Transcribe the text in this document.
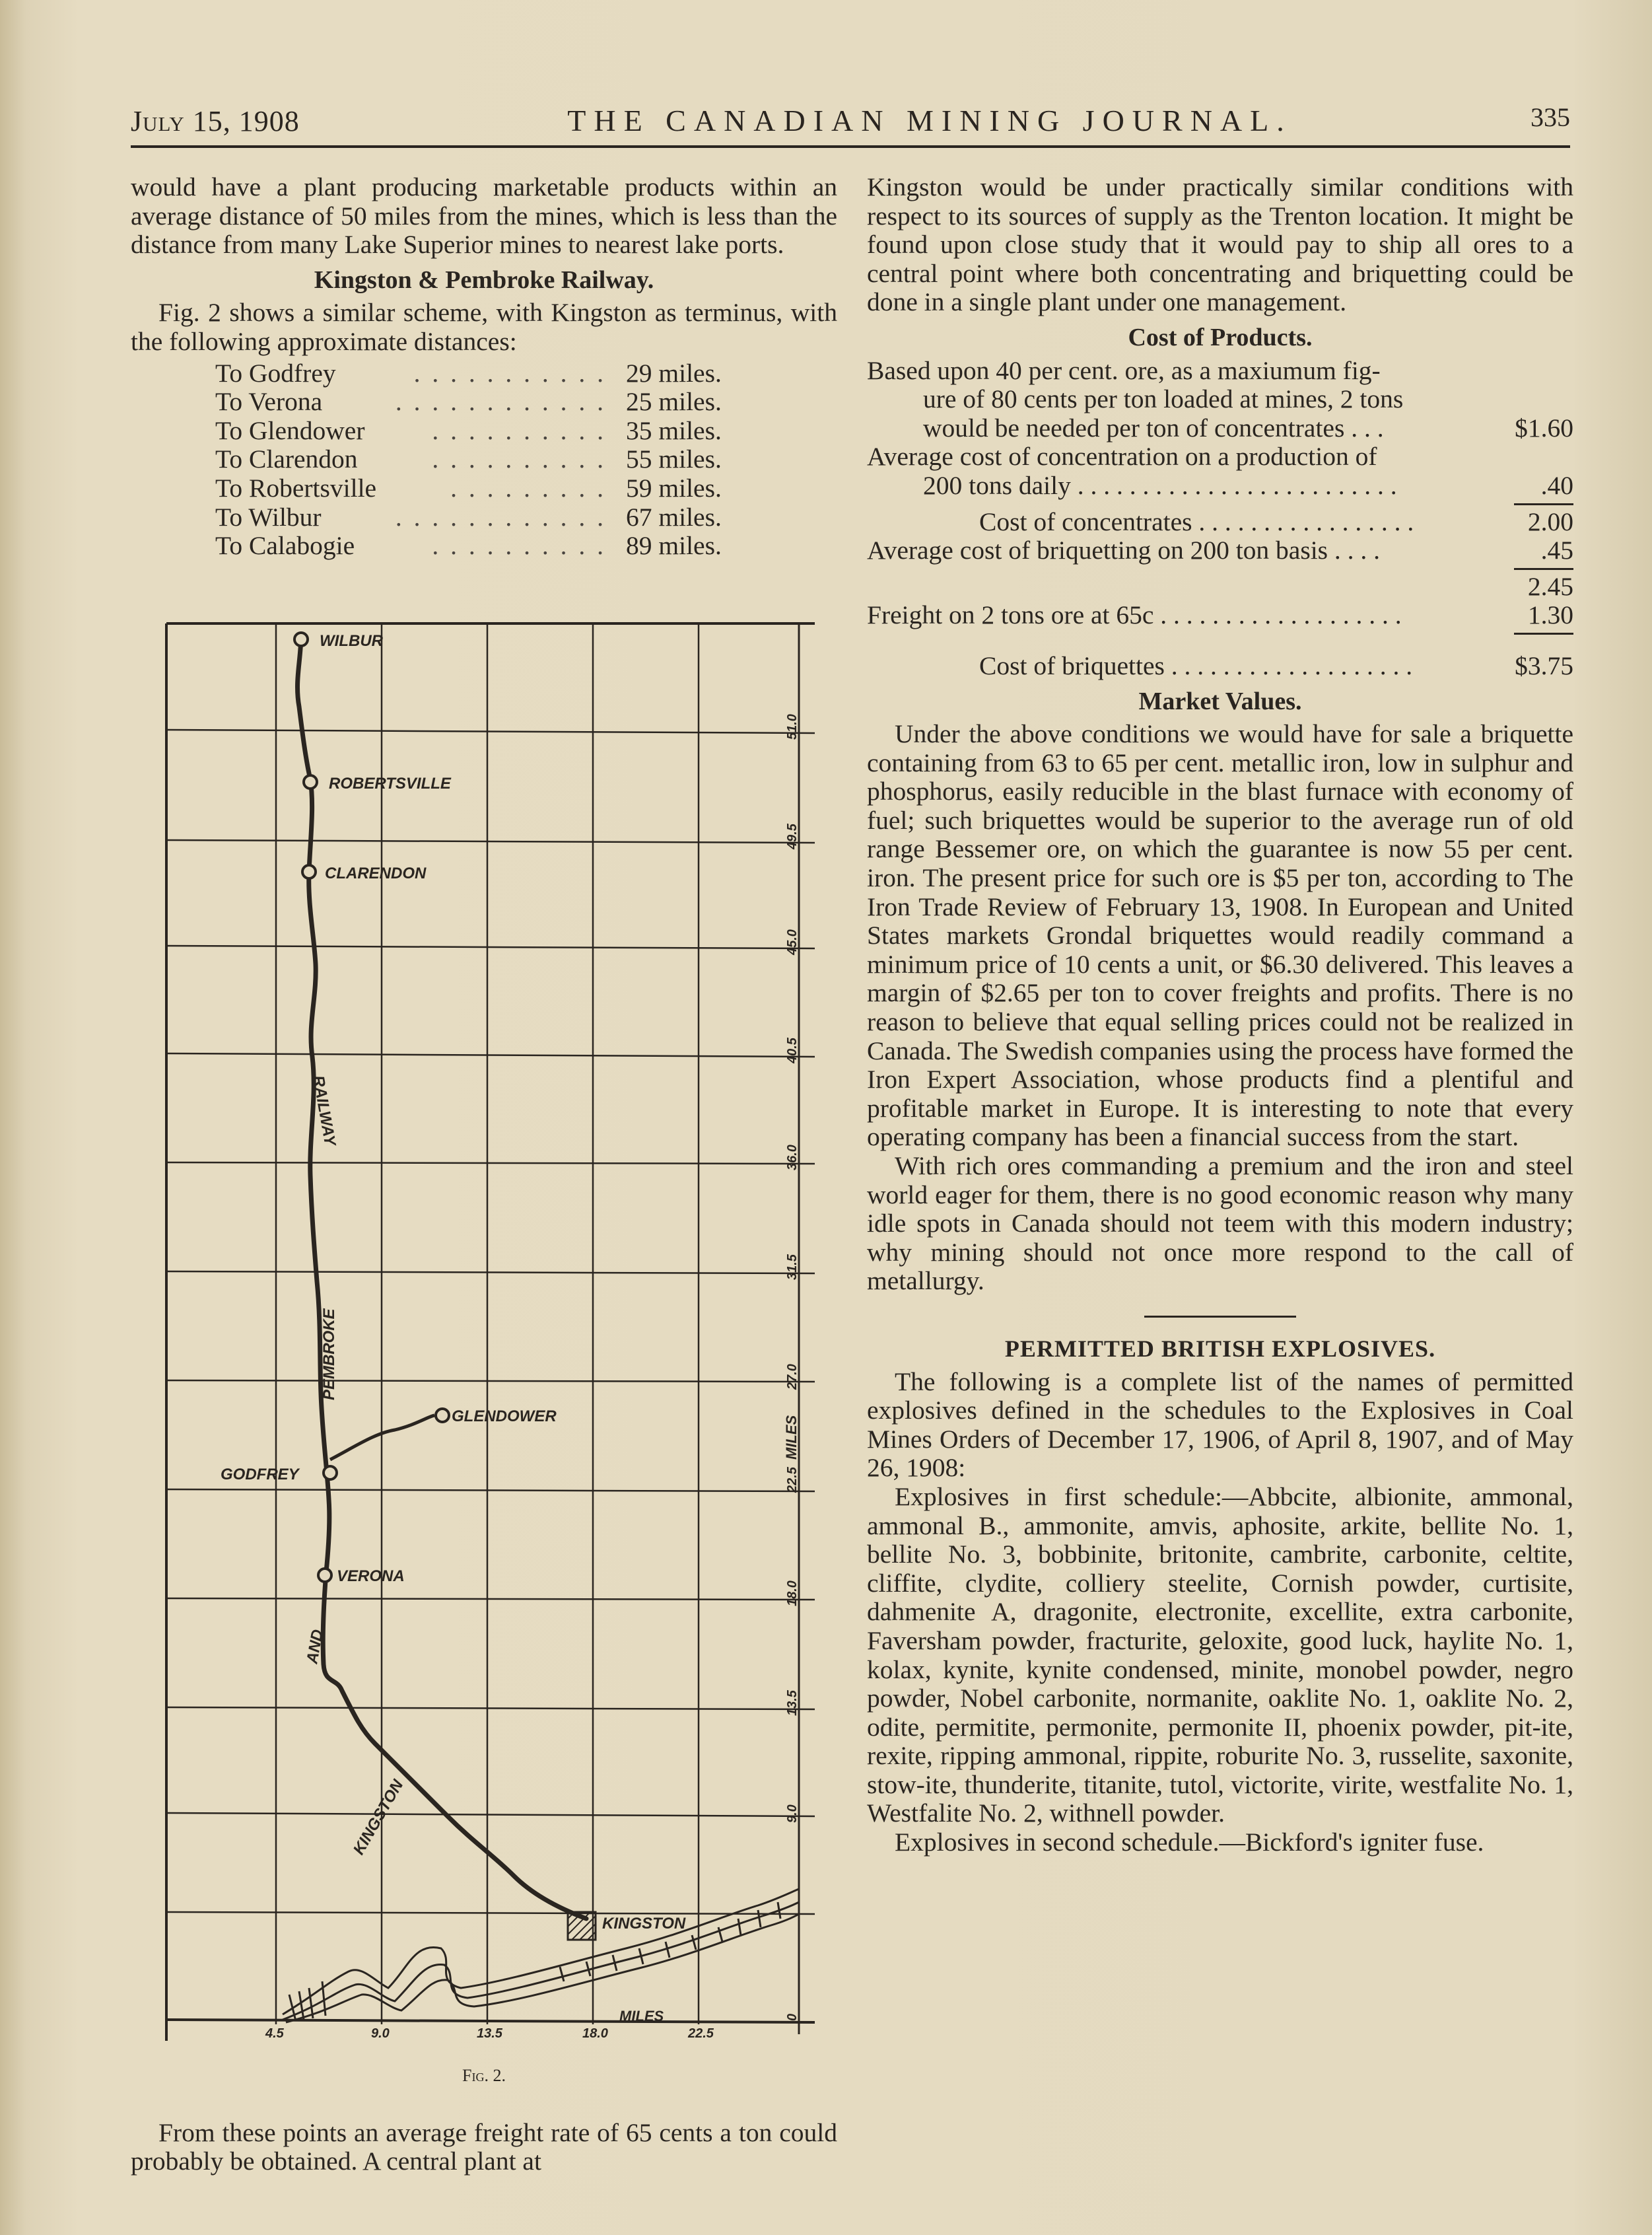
July 15, 1908	THE CANADIAN MINING JOURNAL.	335

would have a plant producing marketable products within an average distance of 50 miles from the mines, which is less than the distance from many Lake Superior mines to nearest lake ports.

Kingston & Pembroke Railway.

Fig. 2 shows a similar scheme, with Kingston as terminus, with the following approximate distances:

To Godfrey	. . . . . . . . . . . 29 miles.
To Verona	. . . . . . . . . . . . 25 miles.
To Glendower	. . . . . . . . . . 35 miles.
To Clarendon	. . . . . . . . . . 55 miles.
To Robertsville	. . . . . . . . . 59 miles.
To Wilbur	. . . . . . . . . . . . 67 miles.
To Calabogie	. . . . . . . . . . 89 miles.
WILBUR
ROBERTSVILLE
CLARENDON
GLENDOWER
GODFREY
VERONA
KINGSTON
RAILWAY
PEMBROKE
AND
KINGSTON
51.0
49.5
45.0
40.5
36.0
31.5
27.0
22.5
18.0
13.5
9.0
0
MILES
4.5	9.0	13.5	18.0	22.5
MILES
Fig. 2.

From these points an average freight rate of 65 cents a ton could probably be obtained. A central plant at

Kingston would be under practically similar conditions with respect to its sources of supply as the Trenton location. It might be found upon close study that it would pay to ship all ores to a central point where both concentrating and briquetting could be done in a single plant under one management.

Cost of Products.
Based upon 40 per cent. ore, as a maxiumum fig-
ure of 80 cents per ton loaded at mines, 2 tons
would be needed per ton of concentrates . . .	$1.60
Average cost of concentration on a production of
200 tons daily . . . . . . . . . . . . . . . . . . . . . . . . .	.40
Cost of concentrates . . . . . . . . . . . . . . . . .	2.00
Average cost of briquetting on 200 ton basis . . . .	.45
2.45
Freight on 2 tons ore at 65c . . . . . . . . . . . . . . . . . . .	1.30
Cost of briquettes . . . . . . . . . . . . . . . . . . .	$3.75
Market Values.

Under the above conditions we would have for sale a briquette containing from 63 to 65 per cent. metallic iron, low in sulphur and phosphorus, easily reducible in the blast furnace with economy of fuel; such briquettes would be superior to the average run of old range Bessemer ore, on which the guarantee is now 55 per cent. iron. The present price for such ore is $5 per ton, according to The Iron Trade Review of February 13, 1908. In European and United States markets Grondal briquettes would readily command a minimum price of 10 cents a unit, or $6.30 delivered. This leaves a margin of $2.65 per ton to cover freights and profits. There is no reason to believe that equal selling prices could not be realized in Canada. The Swedish companies using the process have formed the Iron Expert Association, whose products find a plentiful and profitable market in Europe. It is interesting to note that every operating company has been a financial success from the start.

With rich ores commanding a premium and the iron and steel world eager for them, there is no good economic reason why many idle spots in Canada should not teem with this modern industry; why mining should not once more respond to the call of metallurgy.

PERMITTED BRITISH EXPLOSIVES.

The following is a complete list of the names of permitted explosives defined in the schedules to the Explosives in Coal Mines Orders of December 17, 1906, of April 8, 1907, and of May 26, 1908:

Explosives in first schedule:—Abbcite, albionite, ammonal, ammonal B., ammonite, amvis, aphosite, arkite, bellite No. 1, bellite No. 3, bobbinite, britonite, cambrite, carbonite, celtite, cliffite, clydite, colliery steelite, Cornish powder, curtisite, dahmenite A, dragonite, electronite, excellite, extra carbonite, Faversham powder, fracturite, geloxite, good luck, haylite No. 1, kolax, kynite, kynite condensed, minite, monobel powder, negro powder, Nobel carbonite, normanite, oaklite No. 1, oaklite No. 2, odite, permitite, permonite, permonite II, phoenix powder, pit-ite, rexite, ripping ammonal, rippite, roburite No. 3, russelite, saxonite, stow-ite, thunderite, titanite, tutol, victorite, virite, westfalite No. 1, Westfalite No. 2, withnell powder.

Explosives in second schedule.—Bickford's igniter fuse.
